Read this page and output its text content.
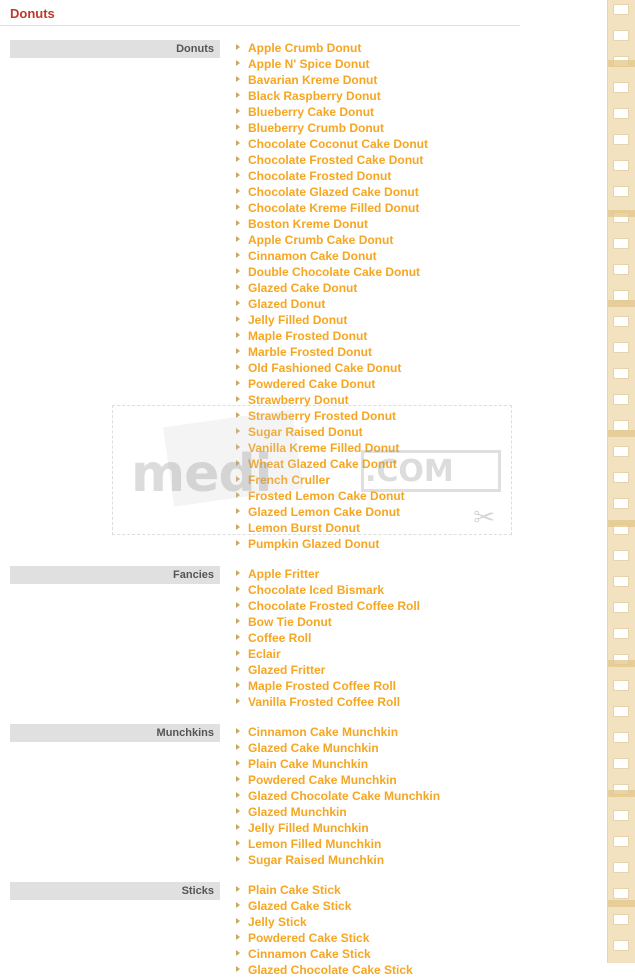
Donuts
Donuts	Apple Crumb Donut
Apple N' Spice Donut
Bavarian Kreme Donut
Black Raspberry Donut
Blueberry Cake Donut
Blueberry Crumb Donut
Chocolate Coconut Cake Donut
Chocolate Frosted Cake Donut
Chocolate Frosted Donut
Chocolate Glazed Cake Donut
Chocolate Kreme Filled Donut
Boston Kreme Donut
Apple Crumb Cake Donut
Cinnamon Cake Donut
Double Chocolate Cake Donut
Glazed Cake Donut
Glazed Donut
Jelly Filled Donut
Maple Frosted Donut
Marble Frosted Donut
Old Fashioned Cake Donut
Powdered Cake Donut
Strawberry Donut
Strawberry Frosted Donut
Sugar Raised Donut
Vanilla Kreme Filled Donut
Wheat Glazed Cake Donut
French Cruller
Frosted Lemon Cake Donut
Glazed Lemon Cake Donut
Lemon Burst Donut
Pumpkin Glazed Donut
Fancies	Apple Fritter
Chocolate Iced Bismark
Chocolate Frosted Coffee Roll
Bow Tie Donut
Coffee Roll
Eclair
Glazed Fritter
Maple Frosted Coffee Roll
Vanilla Frosted Coffee Roll
Munchkins	Cinnamon Cake Munchkin
Glazed Cake Munchkin
Plain Cake Munchkin
Powdered Cake Munchkin
Glazed Chocolate Cake Munchkin
Glazed Munchkin
Jelly Filled Munchkin
Lemon Filled Munchkin
Sugar Raised Munchkin
Sticks	Plain Cake Stick
Glazed Cake Stick
Jelly Stick
Powdered Cake Stick
Cinnamon Cake Stick
Glazed Chocolate Cake Stick
medi	.COM
✂
